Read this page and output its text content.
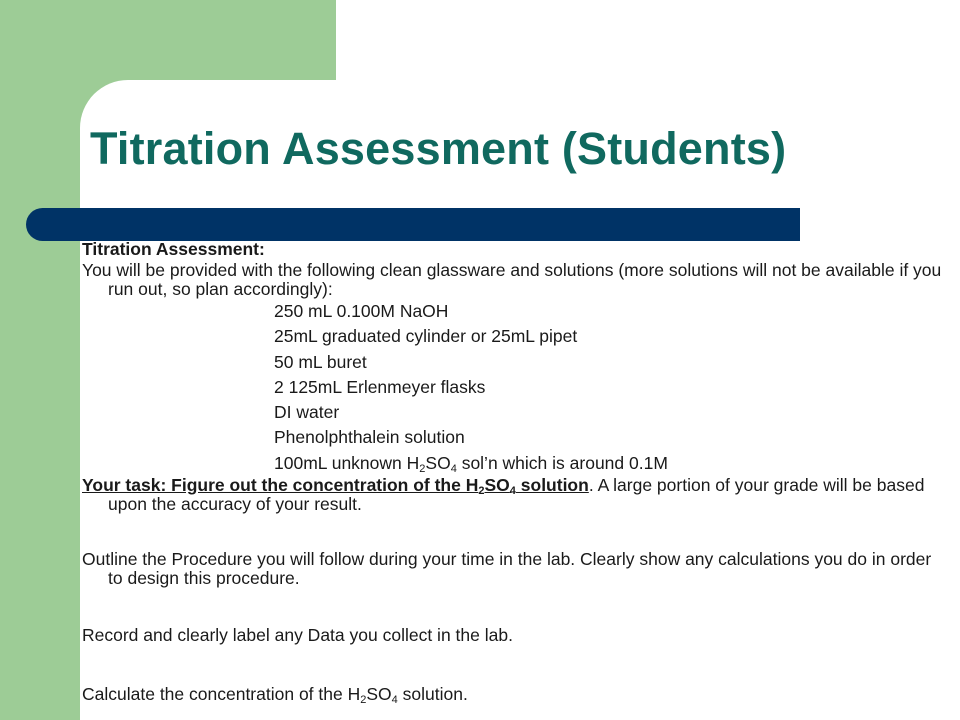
Titration Assessment (Students)

Titration Assessment:

You will be provided with the following clean glassware and solutions (more solutions will not be available if you run out, so plan accordingly):

250 mL 0.100M NaOH
25mL graduated cylinder or 25mL pipet
50 mL buret
2 125mL Erlenmeyer flasks
DI water
Phenolphthalein solution
100mL unknown $H_2SO_4$ sol’n which is around 0.1M

Your task: Figure out the concentration of the $H_2SO_4$ solution. A large portion of your grade will be based upon the accuracy of your result.

Outline the Procedure you will follow during your time in the lab. Clearly show any calculations you do in order to design this procedure.

Record and clearly label any Data you collect in the lab.

Calculate the concentration of the $H_2SO_4$ solution.
